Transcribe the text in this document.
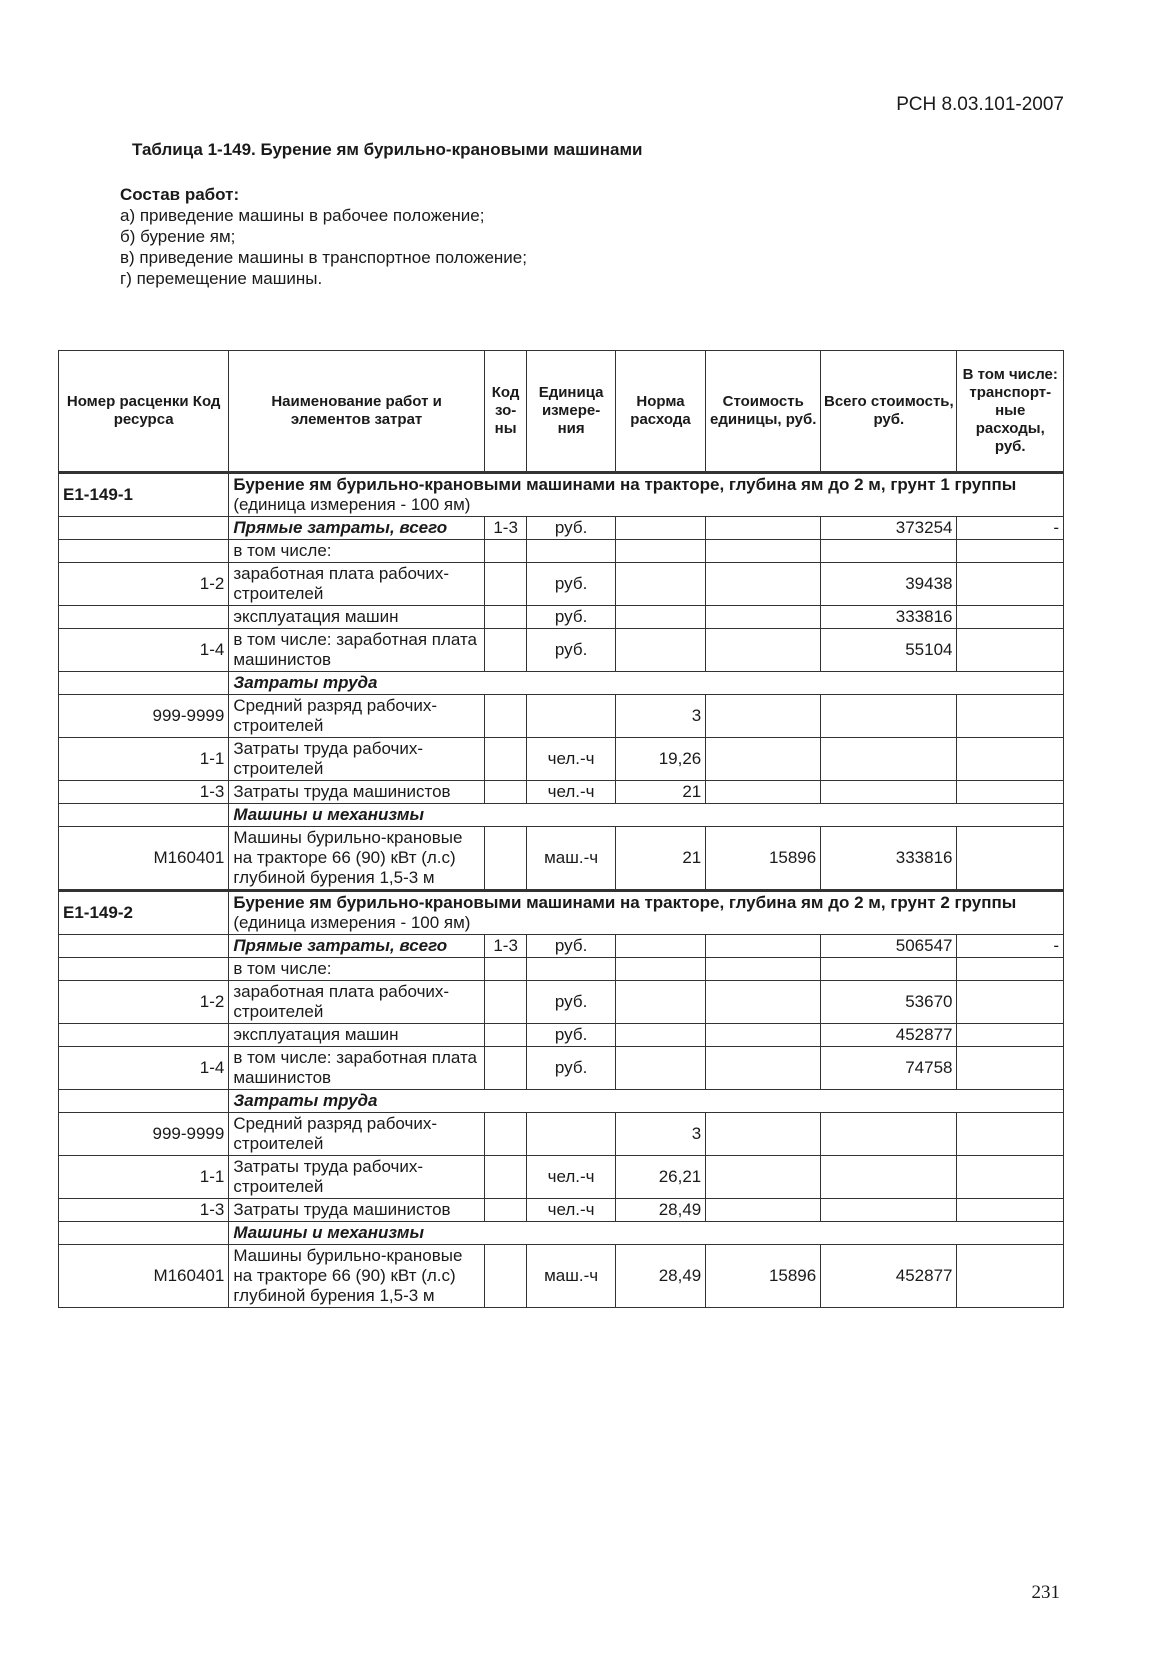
РСН 8.03.101-2007
Таблица 1-149. Бурение ям бурильно-крановыми машинами
Состав работ:
а) приведение машины в рабочее положение;
б) бурение ям;
в) приведение машины в транспортное положение;
г) перемещение машины.
Номер расценки Код ресурса	Наименование работ и элементов затрат	Код зо-ны	Единица измере-ния	Норма расхода	Стоимость единицы, руб.	Всего стоимость, руб.	В том числе: транспорт-ные расходы, руб.
Е1-149-1	Бурение ям бурильно-крановыми машинами на тракторе, глубина ям до 2 м, грунт 1 группы
(единица измерения - 100 ям)						

	Прямые затраты, всего	1-3	руб.			373254	-
	в том числе:						
1-2	заработная плата рабочих-строителей		руб.			39438	
	эксплуатация машин		руб.			333816	
1-4	в том числе: заработная плата машинистов		руб.			55104	
	Затраты труда						
999-9999	Средний разряд рабочих-строителей			3			
1-1	Затраты труда рабочих-строителей		чел.-ч	19,26			
1-3	Затраты труда машинистов		чел.-ч	21			
	Машины и механизмы						
М160401	Машины бурильно-крановые на тракторе 66 (90) кВт (л.с) глубиной бурения 1,5-3 м		маш.-ч	21	15896	333816	
Е1-149-2	Бурение ям бурильно-крановыми машинами на тракторе, глубина ям до 2 м, грунт 2 группы
(единица измерения - 100 ям)						

	Прямые затраты, всего	1-3	руб.			506547	-
	в том числе:						
1-2	заработная плата рабочих-строителей		руб.			53670	
	эксплуатация машин		руб.			452877	
1-4	в том числе: заработная плата машинистов		руб.			74758	
	Затраты труда						
999-9999	Средний разряд рабочих-строителей			3			
1-1	Затраты труда рабочих-строителей		чел.-ч	26,21			
1-3	Затраты труда машинистов		чел.-ч	28,49			
	Машины и механизмы						
М160401	Машины бурильно-крановые на тракторе 66 (90) кВт (л.с) глубиной бурения 1,5-3 м		маш.-ч	28,49	15896	452877	
231
